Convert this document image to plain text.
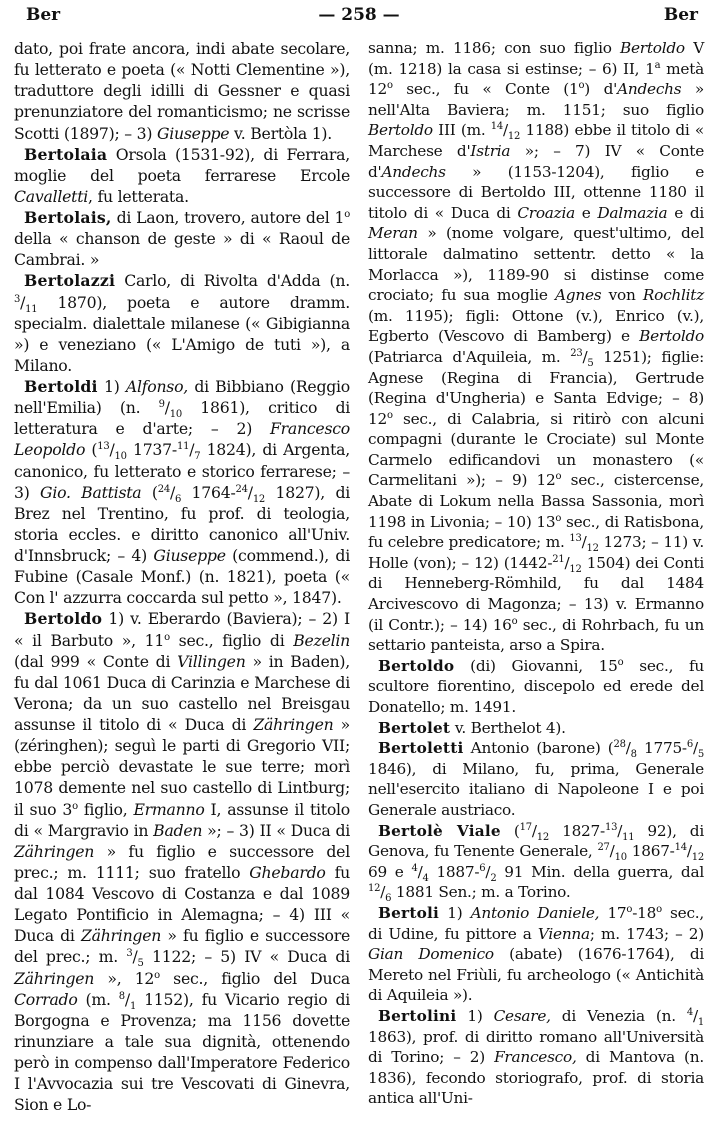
Ber	— 258 —	Ber

dato, poi frate ancora, indi abate secolare, fu letterato e poeta (« Notti Clementine »), traduttore degli idilli di Gessner e quasi prenunziatore del romanticismo; ne scrisse Scotti (1897); – 3) Giuseppe v. Bertòla 1).

Bertolaia Orsola (1531-92), di Ferrara, moglie del poeta ferrarese Ercole Cavalletti, fu letterata.

Bertolais, di Laon, trovero, autore del 1$^o$ della « chanson de geste » di « Raoul de Cambrai. »

Bertolazzi Carlo, di Rivolta d'Adda (n. $^3/_{11}$ 1870), poeta e autore dramm. specialm. dialettale milanese (« Gibigianna ») e veneziano (« L'Amigo de tuti »), a Milano.

Bertoldi 1) Alfonso, di Bibbiano (Reggio nell'Emilia) (n. $^9/_{10}$ 1861), critico di letteratura e d'arte; – 2) Francesco Leopoldo ($^{13}/_{10}$ $1737-^{11}/_7$ 1824), di Argenta, canonico, fu letterato e storico ferrarese; – 3) Gio. Battista ($^{24}/_6$ $1764-^{24}/_{12}$ 1827), di Brez nel Trentino, fu prof. di teologia, storia eccles. e diritto canonico all'Univ. d'Innsbruck; – 4) Giuseppe (commend.), di Fubine (Casale Monf.) (n. 1821), poeta (« Con l' azzurra coccarda sul petto », 1847).

Bertoldo 1) v. Eberardo (Baviera); – 2) I « il Barbuto », 11$^o$ sec., figlio di Bezelin (dal 999 « Conte di Villingen » in Baden), fu dal 1061 Duca di Carinzia e Marchese di Verona; da un suo castello nel Breisgau assunse il titolo di « Duca di Zähringen » (zéringhen); seguì le parti di Gregorio VII; ebbe perciò devastate le sue terre; morì 1078 demente nel suo castello di Lintburg; il suo 3$^o$ figlio, Ermanno I, assunse il titolo di « Margravio in Baden »; – 3) II « Duca di Zähringen » fu figlio e successore del prec.; m. 1111; suo fratello Ghebardo fu dal 1084 Vescovo di Costanza e dal 1089 Legato Pontificio in Alemagna; – 4) III « Duca di Zähringen » fu figlio e successore del prec.; m. $^3/_5$ 1122; – 5) IV « Duca di Zähringen », 12$^o$ sec., figlio del Duca Corrado (m. $^8/_1$ 1152), fu Vicario regio di Borgogna e Provenza; ma 1156 dovette rinunziare a tale sua dignità, ottenendo però in compenso dall'Imperatore Federico I l'Avvocazia sui tre Vescovati di Ginevra, Sion e Lo-

sanna; m. 1186; con suo figlio Bertoldo V (m. 1218) la casa si estinse; – 6) II, 1$^a$ metà 12$^o$ sec., fu « Conte (1$^o$) d'Andechs » nell'Alta Baviera; m. 1151; suo figlio Bertoldo III (m. $^{14}/_{12}$ 1188) ebbe il titolo di « Marchese d'Istria »; – 7) IV « Conte d'Andechs » (1153-1204), figlio e successore di Bertoldo III, ottenne 1180 il titolo di « Duca di Croazia e Dalmazia e di Meran » (nome volgare, quest'ultimo, del littorale dalmatino settentr. detto « la Morlacca »), 1189-90 si distinse come crociato; fu sua moglie Agnes von Rochlitz (m. 1195); figli: Ottone (v.), Enrico (v.), Egberto (Vescovo di Bamberg) e Bertoldo (Patriarca d'Aquileia, m. $^{23}/_5$ 1251); figlie: Agnese (Regina di Francia), Gertrude (Regina d'Ungheria) e Santa Edvige; – 8) 12$^o$ sec., di Calabria, si ritirò con alcuni compagni (durante le Crociate) sul Monte Carmelo edificandovi un monastero (« Carmelitani »); – 9) 12$^o$ sec., cistercense, Abate di Lokum nella Bassa Sassonia, morì 1198 in Livonia; – 10) 13$^o$ sec., di Ratisbona, fu celebre predicatore; m. $^{13}/_{12}$ 1273; – 11) v. Holle (von); – 12) ($1442-^{21}/_{12}$ 1504) dei Conti di Henneberg-Römhild, fu dal 1484 Arcivescovo di Magonza; – 13) v. Ermanno (il Contr.); – 14) 16$^o$ sec., di Rohrbach, fu un settario panteista, arso a Spira.

Bertoldo (di) Giovanni, 15$^o$ sec., fu scultore fiorentino, discepolo ed erede del Donatello; m. 1491.

Bertolet v. Berthelot 4).

Bertoletti Antonio (barone) ($^{28}/_8$ $1775-^6/_5$ 1846), di Milano, fu, prima, Generale nell'esercito italiano di Napoleone I e poi Generale austriaco.

Bertolè Viale ($^{17}/_{12}$ $1827-^{13}/_{11}$ 92), di Genova, fu Tenente Generale, $^{27}/_{10}$ $1867-^{14}/_{12}$ 69 e $^4/_4$ $1887-^6/_2$ 91 Min. della guerra, dal $^{12}/_6$ 1881 Sen.; m. a Torino.

Bertoli 1) Antonio Daniele, 17$^o$-18$^o$ sec., di Udine, fu pittore a Vienna; m. 1743; – 2) Gian Domenico (abate) (1676-1764), di Mereto nel Friùli, fu archeologo (« Antichità di Aquileia »).

Bertolini 1) Cesare, di Venezia (n. $^4/_1$ 1863), prof. di diritto romano all'Università di Torino; – 2) Francesco, di Mantova (n. 1836), fecondo storiografo, prof. di storia antica all'Uni-
